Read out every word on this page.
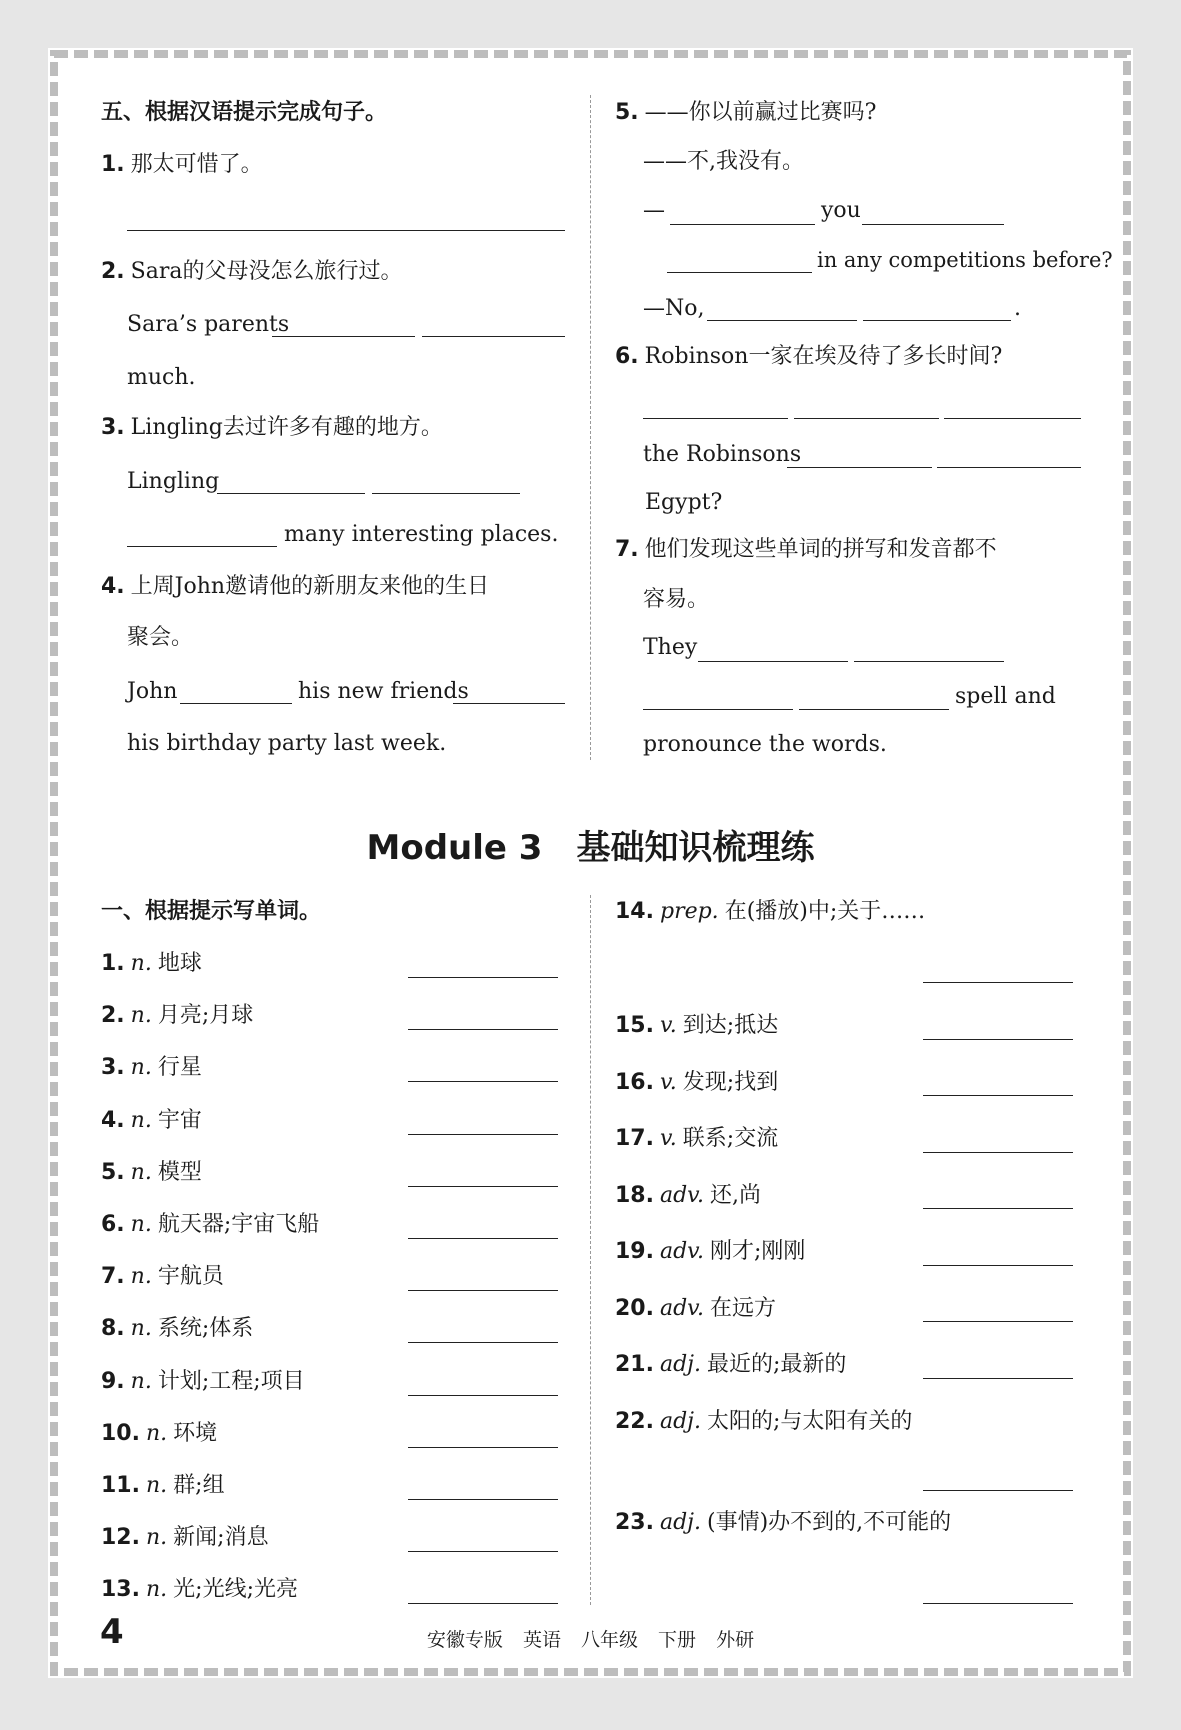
五、根据汉语提示完成句子。
1. 那太可惜了。
2. Sara的父母没怎么旅行过。
Sara’s parents
much.
3. Lingling去过许多有趣的地方。
Lingling
many interesting places.
4. 上周John邀请他的新朋友来他的生日
聚会。
John	his new friends
his birthday party last week.
5. ——你以前赢过比赛吗?
——不,我没有。
—	you
in any competitions before?
—No,	.
6. Robinson一家在埃及待了多长时间?
the Robinsons
Egypt?
7. 他们发现这些单词的拼写和发音都不
容易。
They
spell and
pronounce the words.
Module 3　基础知识梳理练
一、根据提示写单词。
1. n. 地球
2. n. 月亮;月球
3. n. 行星
4. n. 宇宙
5. n. 模型
6. n. 航天器;宇宙飞船
7. n. 宇航员
8. n. 系统;体系
9. n. 计划;工程;项目
10. n. 环境
11. n. 群;组
12. n. 新闻;消息
13. n. 光;光线;光亮
14. prep. 在(播放)中;关于……
15. v. 到达;抵达
16. v. 发现;找到
17. v. 联系;交流
18. adv. 还,尚
19. adv. 刚才;刚刚
20. adv. 在远方
21. adj. 最近的;最新的
22. adj. 太阳的;与太阳有关的
23. adj. (事情)办不到的,不可能的
4	安徽专版 英语 八年级 下册 外研
